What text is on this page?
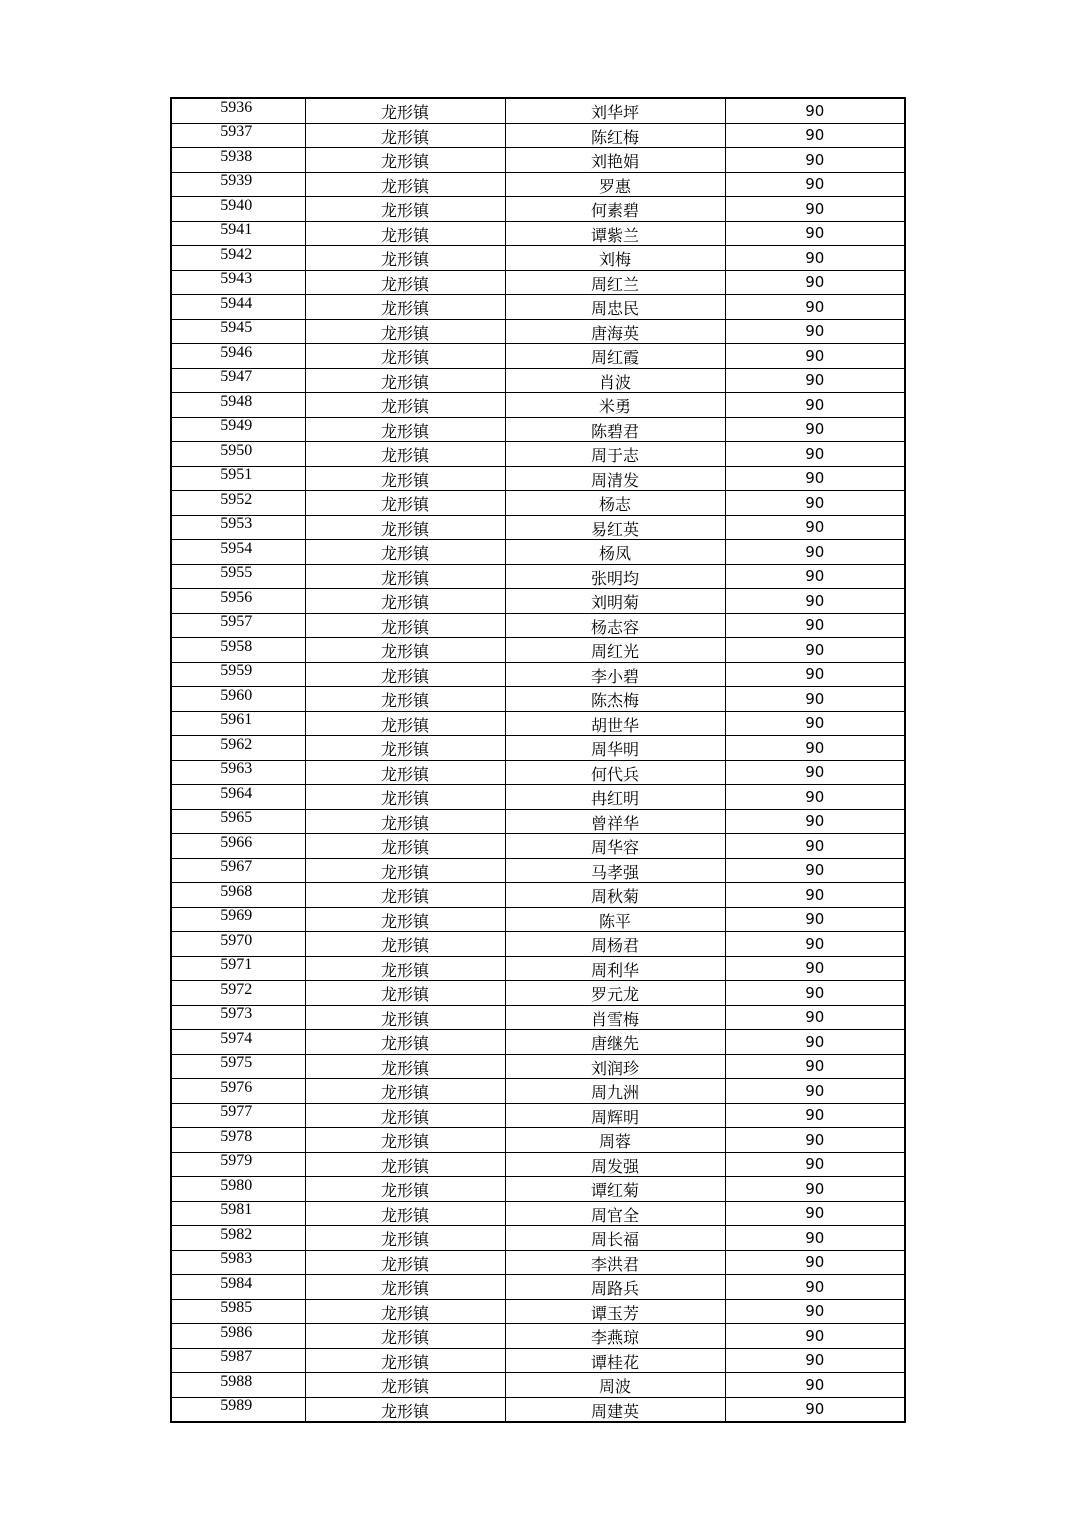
5936	龙形镇	刘华坪	90
5937	龙形镇	陈红梅	90
5938	龙形镇	刘艳娟	90
5939	龙形镇	罗惠	90
5940	龙形镇	何素碧	90
5941	龙形镇	谭紫兰	90
5942	龙形镇	刘梅	90
5943	龙形镇	周红兰	90
5944	龙形镇	周忠民	90
5945	龙形镇	唐海英	90
5946	龙形镇	周红霞	90
5947	龙形镇	肖波	90
5948	龙形镇	米勇	90
5949	龙形镇	陈碧君	90
5950	龙形镇	周于志	90
5951	龙形镇	周清发	90
5952	龙形镇	杨志	90
5953	龙形镇	易红英	90
5954	龙形镇	杨凤	90
5955	龙形镇	张明均	90
5956	龙形镇	刘明菊	90
5957	龙形镇	杨志容	90
5958	龙形镇	周红光	90
5959	龙形镇	李小碧	90
5960	龙形镇	陈杰梅	90
5961	龙形镇	胡世华	90
5962	龙形镇	周华明	90
5963	龙形镇	何代兵	90
5964	龙形镇	冉红明	90
5965	龙形镇	曾祥华	90
5966	龙形镇	周华容	90
5967	龙形镇	马孝强	90
5968	龙形镇	周秋菊	90
5969	龙形镇	陈平	90
5970	龙形镇	周杨君	90
5971	龙形镇	周利华	90
5972	龙形镇	罗元龙	90
5973	龙形镇	肖雪梅	90
5974	龙形镇	唐继先	90
5975	龙形镇	刘润珍	90
5976	龙形镇	周九洲	90
5977	龙形镇	周辉明	90
5978	龙形镇	周蓉	90
5979	龙形镇	周发强	90
5980	龙形镇	谭红菊	90
5981	龙形镇	周官全	90
5982	龙形镇	周长福	90
5983	龙形镇	李洪君	90
5984	龙形镇	周路兵	90
5985	龙形镇	谭玉芳	90
5986	龙形镇	李燕琼	90
5987	龙形镇	谭桂花	90
5988	龙形镇	周波	90
5989	龙形镇	周建英	90
